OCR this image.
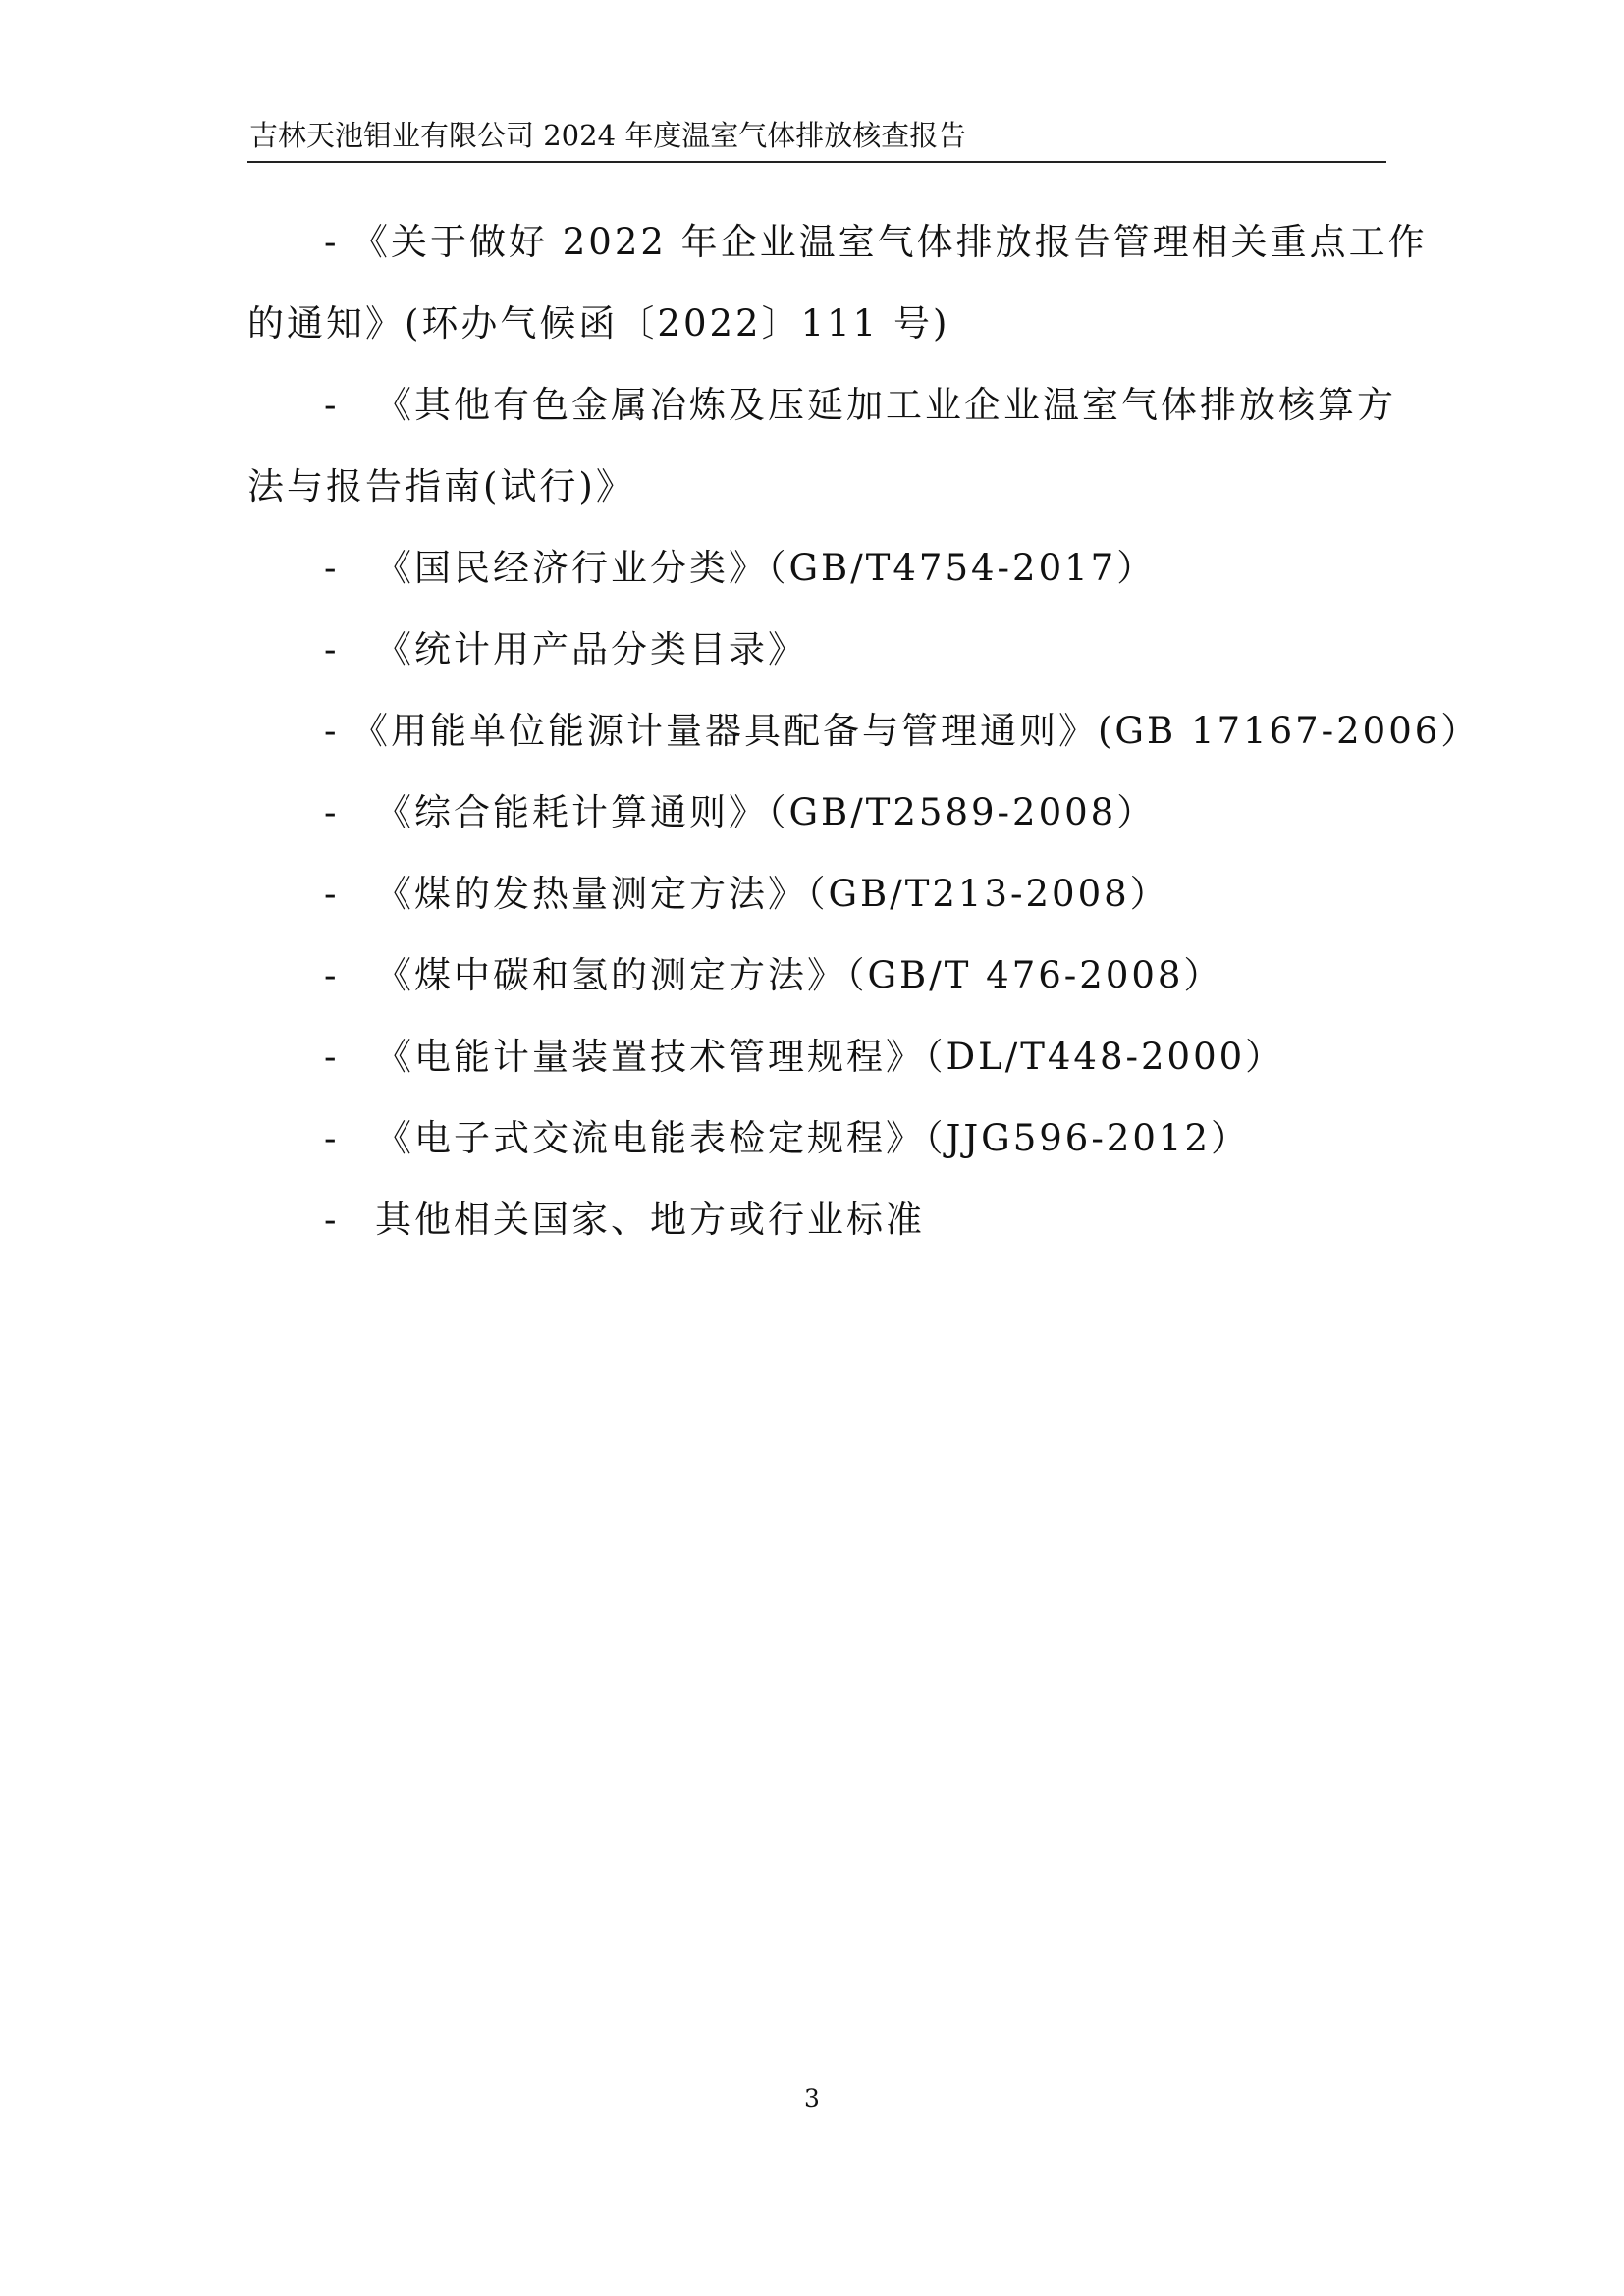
吉林天池钼业有限公司 2024 年度温室气体排放核查报告
- 《关于做好 2022 年企业温室气体排放报告管理相关重点工作
的通知》(环办气候函〔2022〕111 号)
- 《其他有色金属冶炼及压延加工业企业温室气体排放核算方
法与报告指南(试行)》
- 《国民经济行业分类》（GB/T4754-2017）
- 《统计用产品分类目录》
- 《用能单位能源计量器具配备与管理通则》(GB 17167-2006）
- 《综合能耗计算通则》（GB/T2589-2008）
- 《煤的发热量测定方法》（GB/T213-2008）
- 《煤中碳和氢的测定方法》（GB/T 476-2008）
- 《电能计量装置技术管理规程》（DL/T448-2000）
- 《电子式交流电能表检定规程》（JJG596-2012）
- 其他相关国家、地方或行业标准
3
